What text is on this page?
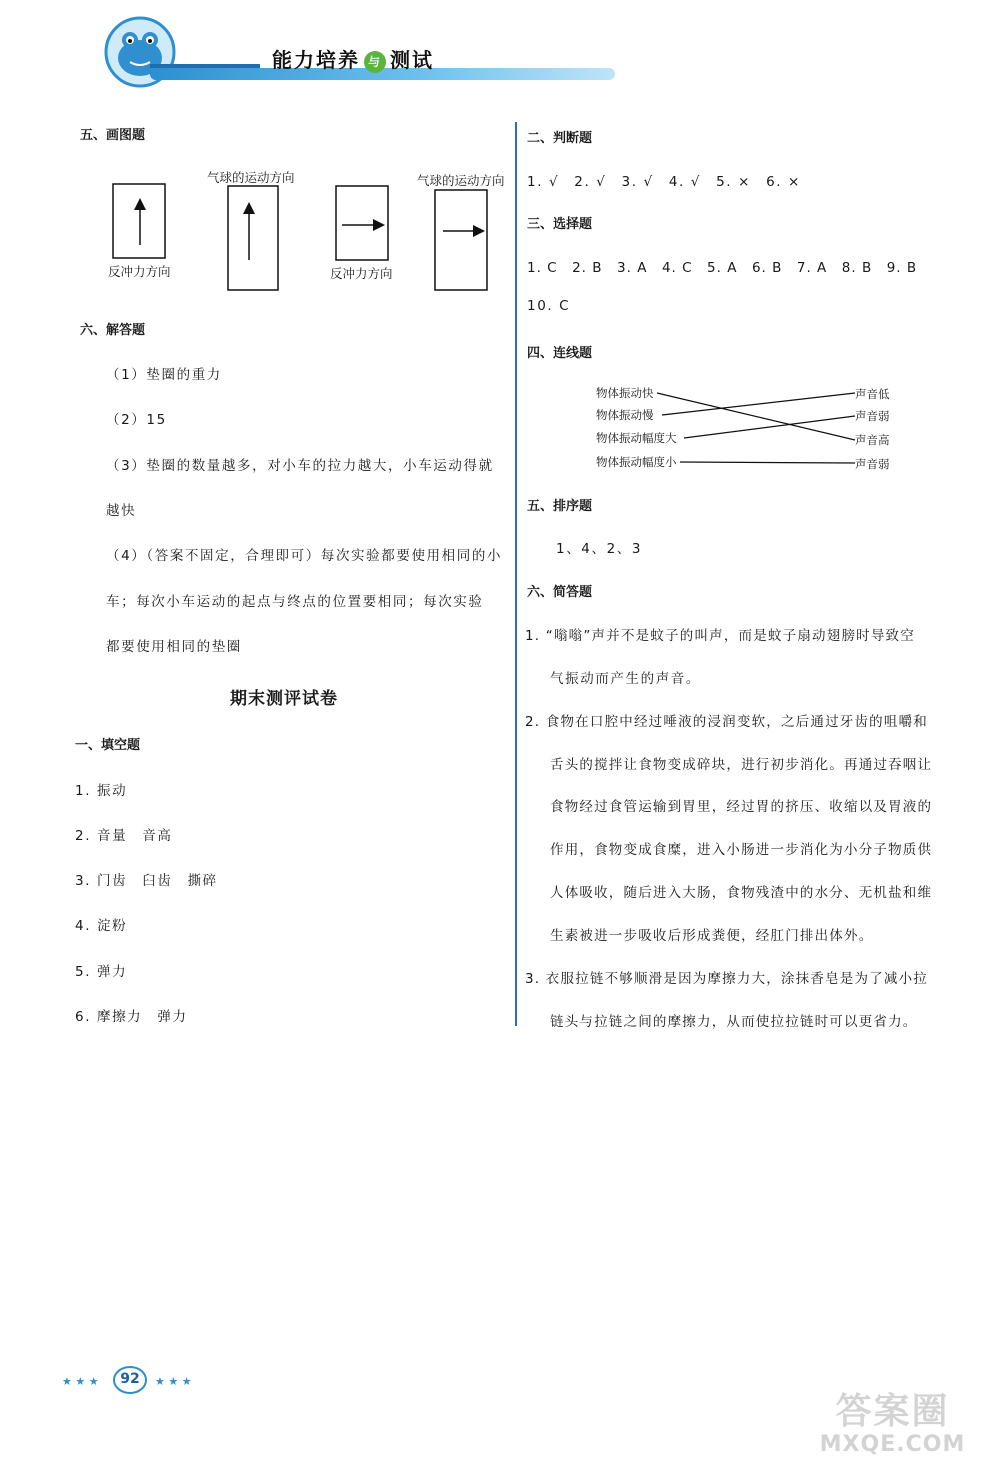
能力培养 与 测试
五、画图题
气球的运动方向	气球的运动方向
反冲力方向	反冲力方向
六、解答题
（1）垫圈的重力
（2）15
（3）垫圈的数量越多，对小车的拉力越大，小车运动得就
越快
（4）（答案不固定，合理即可）每次实验都要使用相同的小
车；每次小车运动的起点与终点的位置要相同；每次实验
都要使用相同的垫圈
期末测评试卷
一、填空题
1. 振动
2. 音量　音高
3. 门齿　臼齿　撕碎
4. 淀粉
5. 弹力
6. 摩擦力　弹力
二、判断题
1. √　2. √　3. √　4. √　5. ×　6. ×
三、选择题
1. C　2. B　3. A　4. C　5. A　6. B　7. A　8. B　9. B
10. C
四、连线题
物体振动快
物体振动慢
物体振动幅度大
物体振动幅度小
声音低
声音弱
声音高
声音弱
五、排序题
1、4、2、3
六、简答题
1. “嗡嗡”声并不是蚊子的叫声，而是蚊子扇动翅膀时导致空
气振动而产生的声音。
2. 食物在口腔中经过唾液的浸润变软，之后通过牙齿的咀嚼和
舌头的搅拌让食物变成碎块，进行初步消化。再通过吞咽让
食物经过食管运输到胃里，经过胃的挤压、收缩以及胃液的
作用，食物变成食糜，进入小肠进一步消化为小分子物质供
人体吸收，随后进入大肠，食物残渣中的水分、无机盐和维
生素被进一步吸收后形成粪便，经肛门排出体外。
3. 衣服拉链不够顺滑是因为摩擦力大，涂抹香皂是为了减小拉
链头与拉链之间的摩擦力，从而使拉拉链时可以更省力。
★ ★ ★	★ ★ ★
92
答案圈
MXQE.COM
